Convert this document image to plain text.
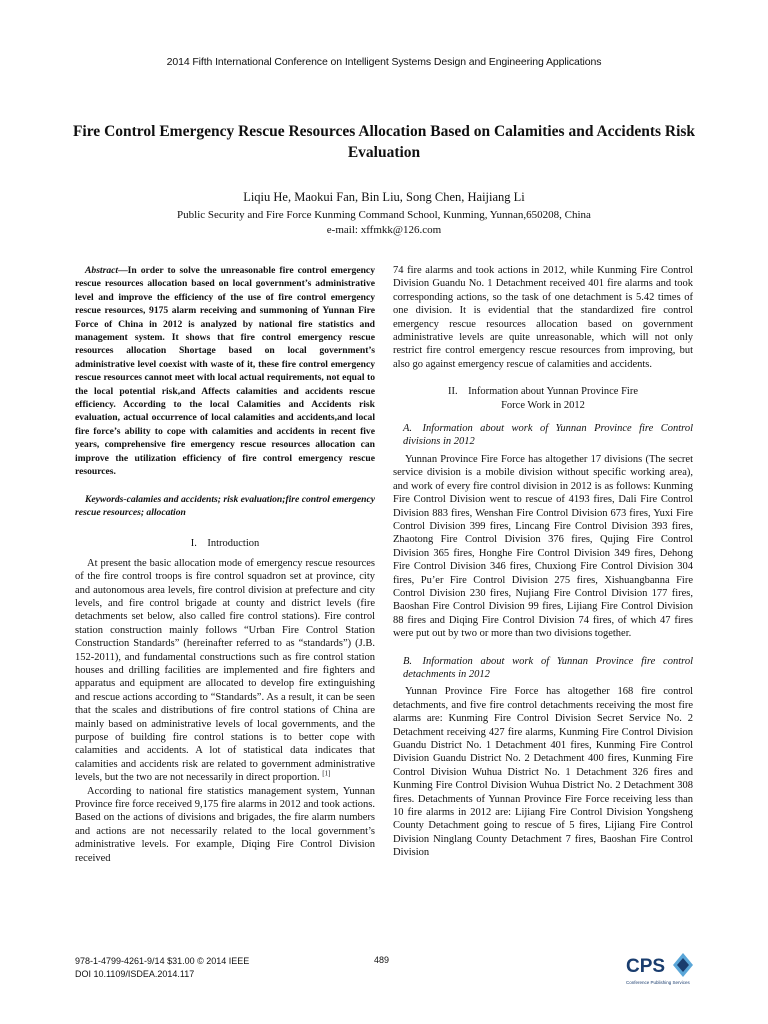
2014 Fifth International Conference on Intelligent Systems Design and Engineering Applications
Fire Control Emergency Rescue Resources Allocation Based on Calamities and Accidents Risk Evaluation
Liqiu He, Maokui Fan, Bin Liu, Song Chen, Haijiang Li
Public Security and Fire Force Kunming Command School, Kunming, Yunnan,650208, China
e-mail: xffmkk@126.com

Abstract—In order to solve the unreasonable fire control emergency rescue resources allocation based on local government’s administrative level and improve the efficiency of the use of fire control emergency rescue resources, 9175 alarm receiving and summoning of Yunnan Fire Force of China in 2012 is analyzed by national fire statistics and management system. It shows that fire control emergency rescue resources allocation Shortage based on local government’s administrative level coexist with waste of it, these fire control emergency rescue resources cannot meet with local actual requirements, not equal to the local potential risk,and Affects calamities and accidents rescue efficiency. According to the local Calamities and Accidents risk evaluation, actual occurrence of local calamities and accidents,and local fire force’s ability to cope with calamities and accidents in recent five years, comprehensive fire emergency rescue resources allocation can improve the utilization efficiency of fire control emergency rescue resources.

Keywords-calamies and accidents; risk evaluation;fire control emergency rescue resources; allocation

I. Introduction

At present the basic allocation mode of emergency rescue resources of the fire control troops is fire control squadron set at province, city and autonomous area levels, fire control division at prefecture and city levels, and fire control brigade at county and district levels (fire detachments set below, also called fire control stations). Fire control station construction mainly follows “Urban Fire Control Station Construction Standards” (hereinafter referred to as “standards”) (J.B. 152-2011), and fundamental constructions such as fire control station houses and drilling facilities are implemented and fire fighters and apparatus and equipment are allocated to develop fire extinguishing and rescue actions according to “Standards”. As a result, it can be seen that the scales and distributions of fire control stations of China are mainly based on administrative levels of local governments, and the purpose of building fire control stations is to better cope with calamities and accidents. A lot of statistical data indicates that calamities and accidents risk are related to government administrative levels, but the two are not necessarily in direct proportion. [1]

According to national fire statistics management system, Yunnan Province fire force received 9,175 fire alarms in 2012 and took actions. Based on the actions of divisions and brigades, the fire alarm numbers and actions are not necessarily related to the local government’s administrative levels. For example, Diqing Fire Control Division received

74 fire alarms and took actions in 2012, while Kunming Fire Control Division Guandu No. 1 Detachment received 401 fire alarms and took corresponding actions, so the task of one detachment is 5.42 times of one division. It is evidential that the standardized fire control emergency rescue resources allocation based on government administrative levels are quite unreasonable, which will not only restrict fire control emergency rescue resources from improving, but also go against emergency rescue of calamities and accidents.

II. Information about Yunnan Province Fire
Force Work in 2012
A. Information about work of Yunnan Province fire Control divisions in 2012

Yunnan Province Fire Force has altogether 17 divisions (The secret service division is a mobile division without specific working area), and work of every fire control division in 2012 is as follows: Kunming Fire Control Division went to rescue of 4193 fires, Dali Fire Control Division 883 fires, Wenshan Fire Control Division 673 fires, Yuxi Fire Control Division 399 fires, Lincang Fire Control Division 393 fires, Zhaotong Fire Control Division 376 fires, Qujing Fire Control Division 365 fires, Honghe Fire Control Division 349 fires, Dehong Fire Control Division 346 fires, Chuxiong Fire Control Division 304 fires, Pu’er Fire Control Division 275 fires, Xishuangbanna Fire Control Division 230 fires, Nujiang Fire Control Division 177 fires, Baoshan Fire Control Division 99 fires, Lijiang Fire Control Division 88 fires and Diqing Fire Control Division 74 fires, of which 47 fires were put out by two or more than two divisions together.

B. Information about work of Yunnan Province fire control detachments in 2012

Yunnan Province Fire Force has altogether 168 fire control detachments, and five fire control detachments receiving the most fire alarms are: Kunming Fire Control Division Secret Service No. 2 Detachment receiving 427 fire alarms, Kunming Fire Control Division Guandu District No. 1 Detachment 401 fires, Kunming Fire Control Division Guandu District No. 2 Detachment 400 fires, Kunming Fire Control Division Wuhua District No. 1 Detachment 326 fires and Kunming Fire Control Division Wuhua District No. 2 Detachment 308 fires. Detachments of Yunnan Province Fire Force receiving less than 10 fire alarms in 2012 are: Lijiang Fire Control Division Yongsheng County Detachment going to rescue of 5 fires, Lijiang Fire Control Division Ninglang County Detachment 7 fires, Baoshan Fire Control Division

978-1-4799-4261-9/14 $31.00 © 2014 IEEE
DOI 10.1109/ISDEA.2014.117
489	CPS
Conference Publishing Services
